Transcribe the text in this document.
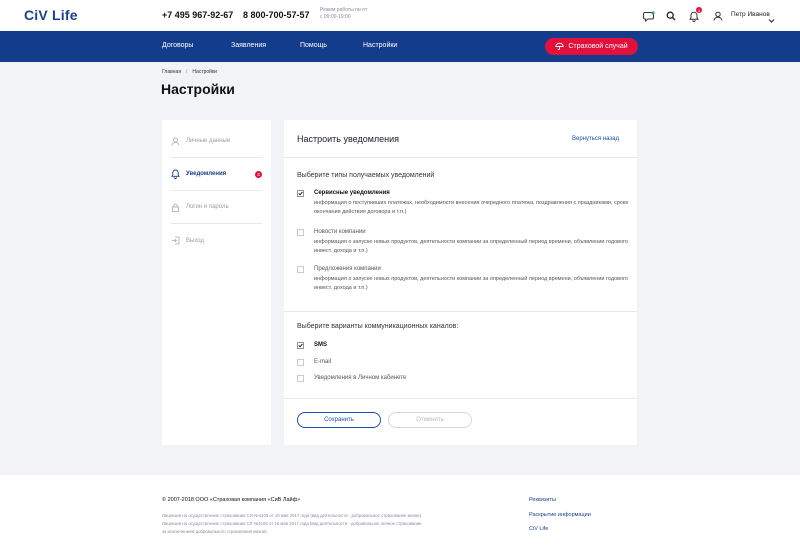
CiV Life	+7 495 967-92-67 8 800-700-57-57 Режим работы пн-пт
с 09:00-19:00
3
Петр Иванов
Договоры	Заявления	Помощь	Настройки	Страховой случай
Главная / Настройки
Настройки
Личные данные
Уведомления	3
Логин и пароль
Выход
Настроить уведомления	Вернуться назад
Выберите типы получаемых уведомлений
Сервисные уведомления
информация о поступивших платежах, необходимости внесения очередного платежа, поздравления с праздниками, сроке окончания действия договора и т.п.)
Новости компании
информация о запуске новых продуктов, деятельности компании за определенный период времени, объявлении годового инвест. дохода и т.п.)
Предложения компании
информация о запуске новых продуктов, деятельности компании за определенный период времени, объявлении годового инвест. дохода и т.п.)
Выберите варианты коммуникационных каналов:
SMS
E-mail
Уведомления в Личном кабинете
Сохранить	Отменить
© 2007-2018 ООО «Страховая компания «СиВ Лайф»
Лицензия на осуществление страхования СИ №4105 от 19 мая 2017 года (вид деятельности - добровольное страхование жизни).
Лицензия на осуществление страхования СЛ №4105 от 19 мая 2017 года (вид деятельности - добровольное личное страхование,
за исключением добровольного страхования жизни).
Реквизиты
Раскрытие информации
CiV Life
